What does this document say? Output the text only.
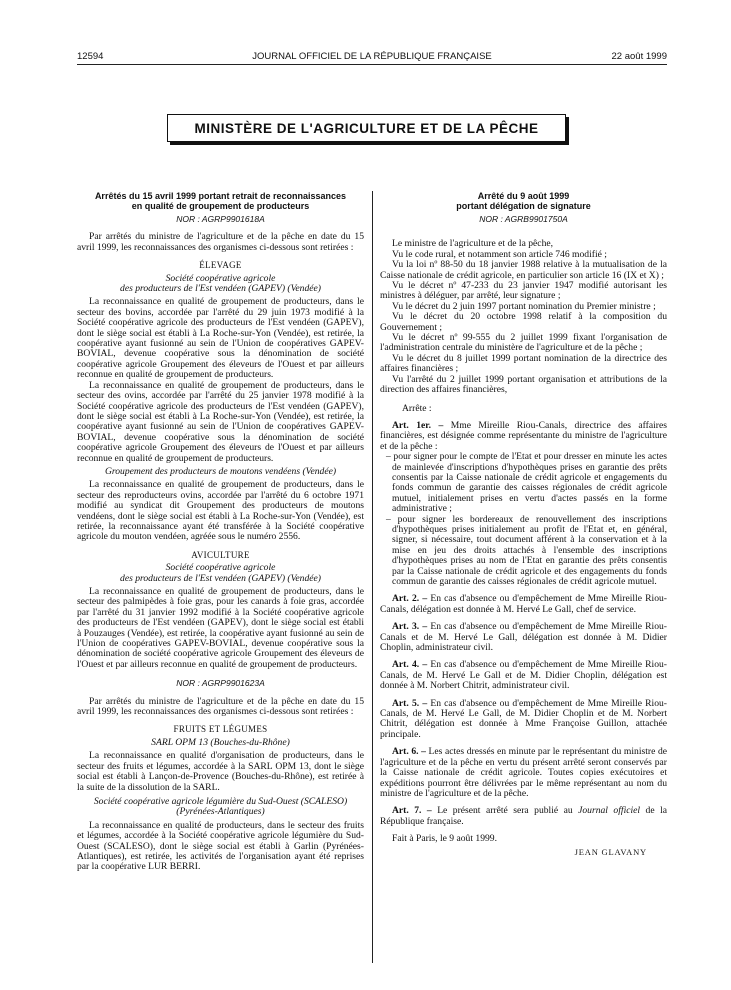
12594	JOURNAL OFFICIEL DE LA RÉPUBLIQUE FRANÇAISE	22 août 1999
MINISTÈRE DE L'AGRICULTURE ET DE LA PÊCHE
Arrêtés du 15 avril 1999 portant retrait de reconnaissances
en qualité de groupement de producteurs
NOR : AGRP9901618A

Par arrêtés du ministre de l'agriculture et de la pêche en date du 15 avril 1999, les reconnaissances des organismes ci-dessous sont retirées :

ÉLEVAGE
Société coopérative agricole
des producteurs de l'Est vendéen (GAPEV) (Vendée)

La reconnaissance en qualité de groupement de producteurs, dans le secteur des bovins, accordée par l'arrêté du 29 juin 1973 modifié à la Société coopérative agricole des producteurs de l'Est vendéen (GAPEV), dont le siège social est établi à La Roche-sur-Yon (Vendée), est retirée, la coopérative ayant fusionné au sein de l'Union de coopératives GAPEV-BOVIAL, devenue coopérative sous la dénomination de société coopérative agricole Groupement des éleveurs de l'Ouest et par ailleurs reconnue en qualité de groupement de producteurs.

La reconnaissance en qualité de groupement de producteurs, dans le secteur des ovins, accordée par l'arrêté du 25 janvier 1978 modifié à la Société coopérative agricole des producteurs de l'Est vendéen (GAPEV), dont le siège social est établi à La Roche-sur-Yon (Vendée), est retirée, la coopérative ayant fusionné au sein de l'Union de coopératives GAPEV-BOVIAL, devenue coopérative sous la dénomination de société coopérative agricole Groupement des éleveurs de l'Ouest et par ailleurs reconnue en qualité de groupement de producteurs.

Groupement des producteurs de moutons vendéens (Vendée)

La reconnaissance en qualité de groupement de producteurs, dans le secteur des reproducteurs ovins, accordée par l'arrêté du 6 octobre 1971 modifié au syndicat dit Groupement des producteurs de moutons vendéens, dont le siège social est établi à La Roche-sur-Yon (Vendée), est retirée, la reconnaissance ayant été transférée à la Société coopérative agricole du mouton vendéen, agréée sous le numéro 2556.

AVICULTURE
Société coopérative agricole
des producteurs de l'Est vendéen (GAPEV) (Vendée)

La reconnaissance en qualité de groupement de producteurs, dans le secteur des palmipèdes à foie gras, pour les canards à foie gras, accordée par l'arrêté du 31 janvier 1992 modifié à la Société coopérative agricole des producteurs de l'Est vendéen (GAPEV), dont le siège social est établi à Pouzauges (Vendée), est retirée, la coopérative ayant fusionné au sein de l'Union de coopératives GAPEV-BOVIAL, devenue coopérative sous la dénomination de société coopérative agricole Groupement des éleveurs de l'Ouest et par ailleurs reconnue en qualité de groupement de producteurs.

NOR : AGRP9901623A

Par arrêtés du ministre de l'agriculture et de la pêche en date du 15 avril 1999, les reconnaissances des organismes ci-dessous sont retirées :

FRUITS ET LÉGUMES
SARL OPM 13 (Bouches-du-Rhône)

La reconnaissance en qualité d'organisation de producteurs, dans le secteur des fruits et légumes, accordée à la SARL OPM 13, dont le siège social est établi à Lançon-de-Provence (Bouches-du-Rhône), est retirée à la suite de la dissolution de la SARL.

Société coopérative agricole légumière du Sud-Ouest (SCALESO)
(Pyrénées-Atlantiques)

La reconnaissance en qualité de producteurs, dans le secteur des fruits et légumes, accordée à la Société coopérative agricole légumière du Sud-Ouest (SCALESO), dont le siège social est établi à Garlin (Pyrénées-Atlantiques), est retirée, les activités de l'organisation ayant été reprises par la coopérative LUR BERRI.

Arrêté du 9 août 1999
portant délégation de signature
NOR : AGRB9901750A

Le ministre de l'agriculture et de la pêche,

Vu le code rural, et notamment son article 746 modifié ;

Vu la loi nº 88-50 du 18 janvier 1988 relative à la mutualisation de la Caisse nationale de crédit agricole, en particulier son article 16 (IX et X) ;

Vu le décret nº 47-233 du 23 janvier 1947 modifié autorisant les ministres à déléguer, par arrêté, leur signature ;

Vu le décret du 2 juin 1997 portant nomination du Premier ministre ;

Vu le décret du 20 octobre 1998 relatif à la composition du Gouvernement ;

Vu le décret nº 99-555 du 2 juillet 1999 fixant l'organisation de l'administration centrale du ministère de l'agriculture et de la pêche ;

Vu le décret du 8 juillet 1999 portant nomination de la directrice des affaires financières ;

Vu l'arrêté du 2 juillet 1999 portant organisation et attributions de la direction des affaires financières,

Arrête :

Art. 1er. – Mme Mireille Riou-Canals, directrice des affaires financières, est désignée comme représentante du ministre de l'agriculture et de la pêche :

– pour signer pour le compte de l'Etat et pour dresser en minute les actes de mainlevée d'inscriptions d'hypothèques prises en garantie des prêts consentis par la Caisse nationale de crédit agricole et engagements du fonds commun de garantie des caisses régionales de crédit agricole mutuel, initialement prises en vertu d'actes passés en la forme administrative ;
– pour signer les bordereaux de renouvellement des inscriptions d'hypothèques prises initialement au profit de l'Etat et, en général, signer, si nécessaire, tout document afférent à la conservation et à la mise en jeu des droits attachés à l'ensemble des inscriptions d'hypothèques prises au nom de l'Etat en garantie des prêts consentis par la Caisse nationale de crédit agricole et des engagements du fonds commun de garantie des caisses régionales de crédit agricole mutuel.

Art. 2. – En cas d'absence ou d'empêchement de Mme Mireille Riou-Canals, délégation est donnée à M. Hervé Le Gall, chef de service.

Art. 3. – En cas d'absence ou d'empêchement de Mme Mireille Riou-Canals et de M. Hervé Le Gall, délégation est donnée à M. Didier Choplin, administrateur civil.

Art. 4. – En cas d'absence ou d'empêchement de Mme Mireille Riou-Canals, de M. Hervé Le Gall et de M. Didier Choplin, délégation est donnée à M. Norbert Chitrit, administrateur civil.

Art. 5. – En cas d'absence ou d'empêchement de Mme Mireille Riou-Canals, de M. Hervé Le Gall, de M. Didier Choplin et de M. Norbert Chitrit, délégation est donnée à Mme Françoise Guillon, attachée principale.

Art. 6. – Les actes dressés en minute par le représentant du ministre de l'agriculture et de la pêche en vertu du présent arrêté seront conservés par la Caisse nationale de crédit agricole. Toutes copies exécutoires et expéditions pourront être délivrées par le même représentant au nom du ministre de l'agriculture et de la pêche.

Art. 7. – Le présent arrêté sera publié au Journal officiel de la République française.

Fait à Paris, le 9 août 1999.

JEAN GLAVANY
